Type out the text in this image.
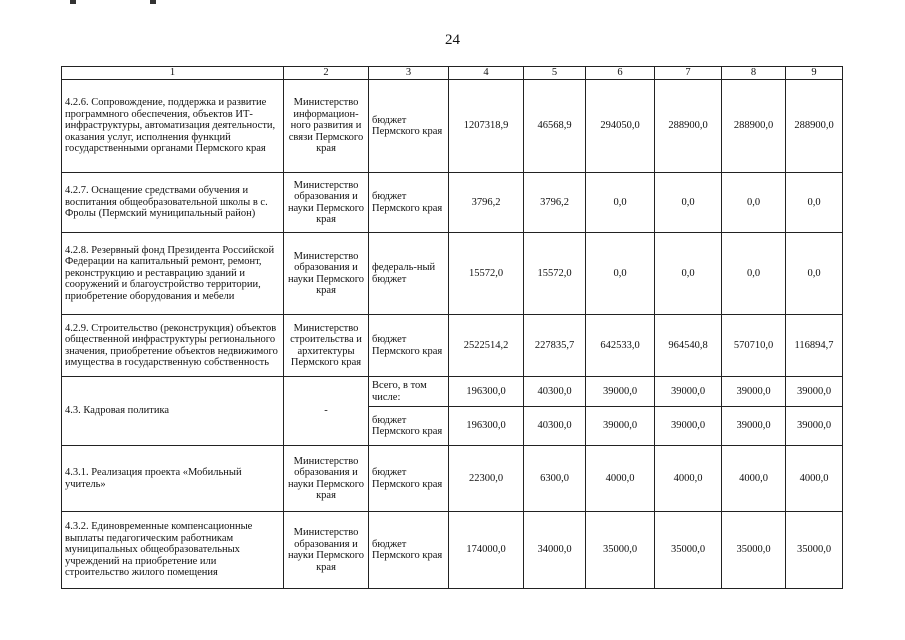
24
1	2	3	4	5	6	7	8	9
4.2.6. Сопровождение, поддержка и развитие программного обеспечения, объектов ИТ-инфраструктуры, автоматизация деятельности, оказания услуг, исполнения функций государственными органами Пермского края	Министерство информацион-ного развития и связи Пермского края	бюджет Пермского края	1207318,9	46568,9	294050,0	288900,0	288900,0	288900,0
4.2.7. Оснащение средствами обучения и воспитания общеобразовательной школы в с. Фролы (Пермский муниципальный район)	Министерство образования и науки Пермского края	бюджет Пермского края	3796,2	3796,2	0,0	0,0	0,0	0,0
4.2.8. Резервный фонд Президента Российской Федерации на капитальный ремонт, ремонт, реконструкцию и реставрацию зданий и сооружений и благоустройство территории, приобретение оборудования и мебели	Министерство образования и науки Пермского края	федераль-ный бюджет	15572,0	15572,0	0,0	0,0	0,0	0,0
4.2.9. Строительство (реконструкция) объектов общественной инфраструктуры регионального значения, приобретение объектов недвижимого имущества в государственную собственность	Министерство строительства и архитектуры Пермского края	бюджет Пермского края	2522514,2	227835,7	642533,0	964540,8	570710,0	116894,7
4.3. Кадровая политика	-	Всего, в том числе:	196300,0	40300,0	39000,0	39000,0	39000,0	39000,0
		бюджет Пермского края	196300,0	40300,0	39000,0	39000,0	39000,0	39000,0
4.3.1. Реализация проекта «Мобильный учитель»	Министерство образования и науки Пермского края	бюджет Пермского края	22300,0	6300,0	4000,0	4000,0	4000,0	4000,0
4.3.2. Единовременные компенсационные выплаты педагогическим работникам муниципальных общеобразовательных учреждений на приобретение или строительство жилого помещения	Министерство образования и науки Пермского края	бюджет Пермского края	174000,0	34000,0	35000,0	35000,0	35000,0	35000,0
